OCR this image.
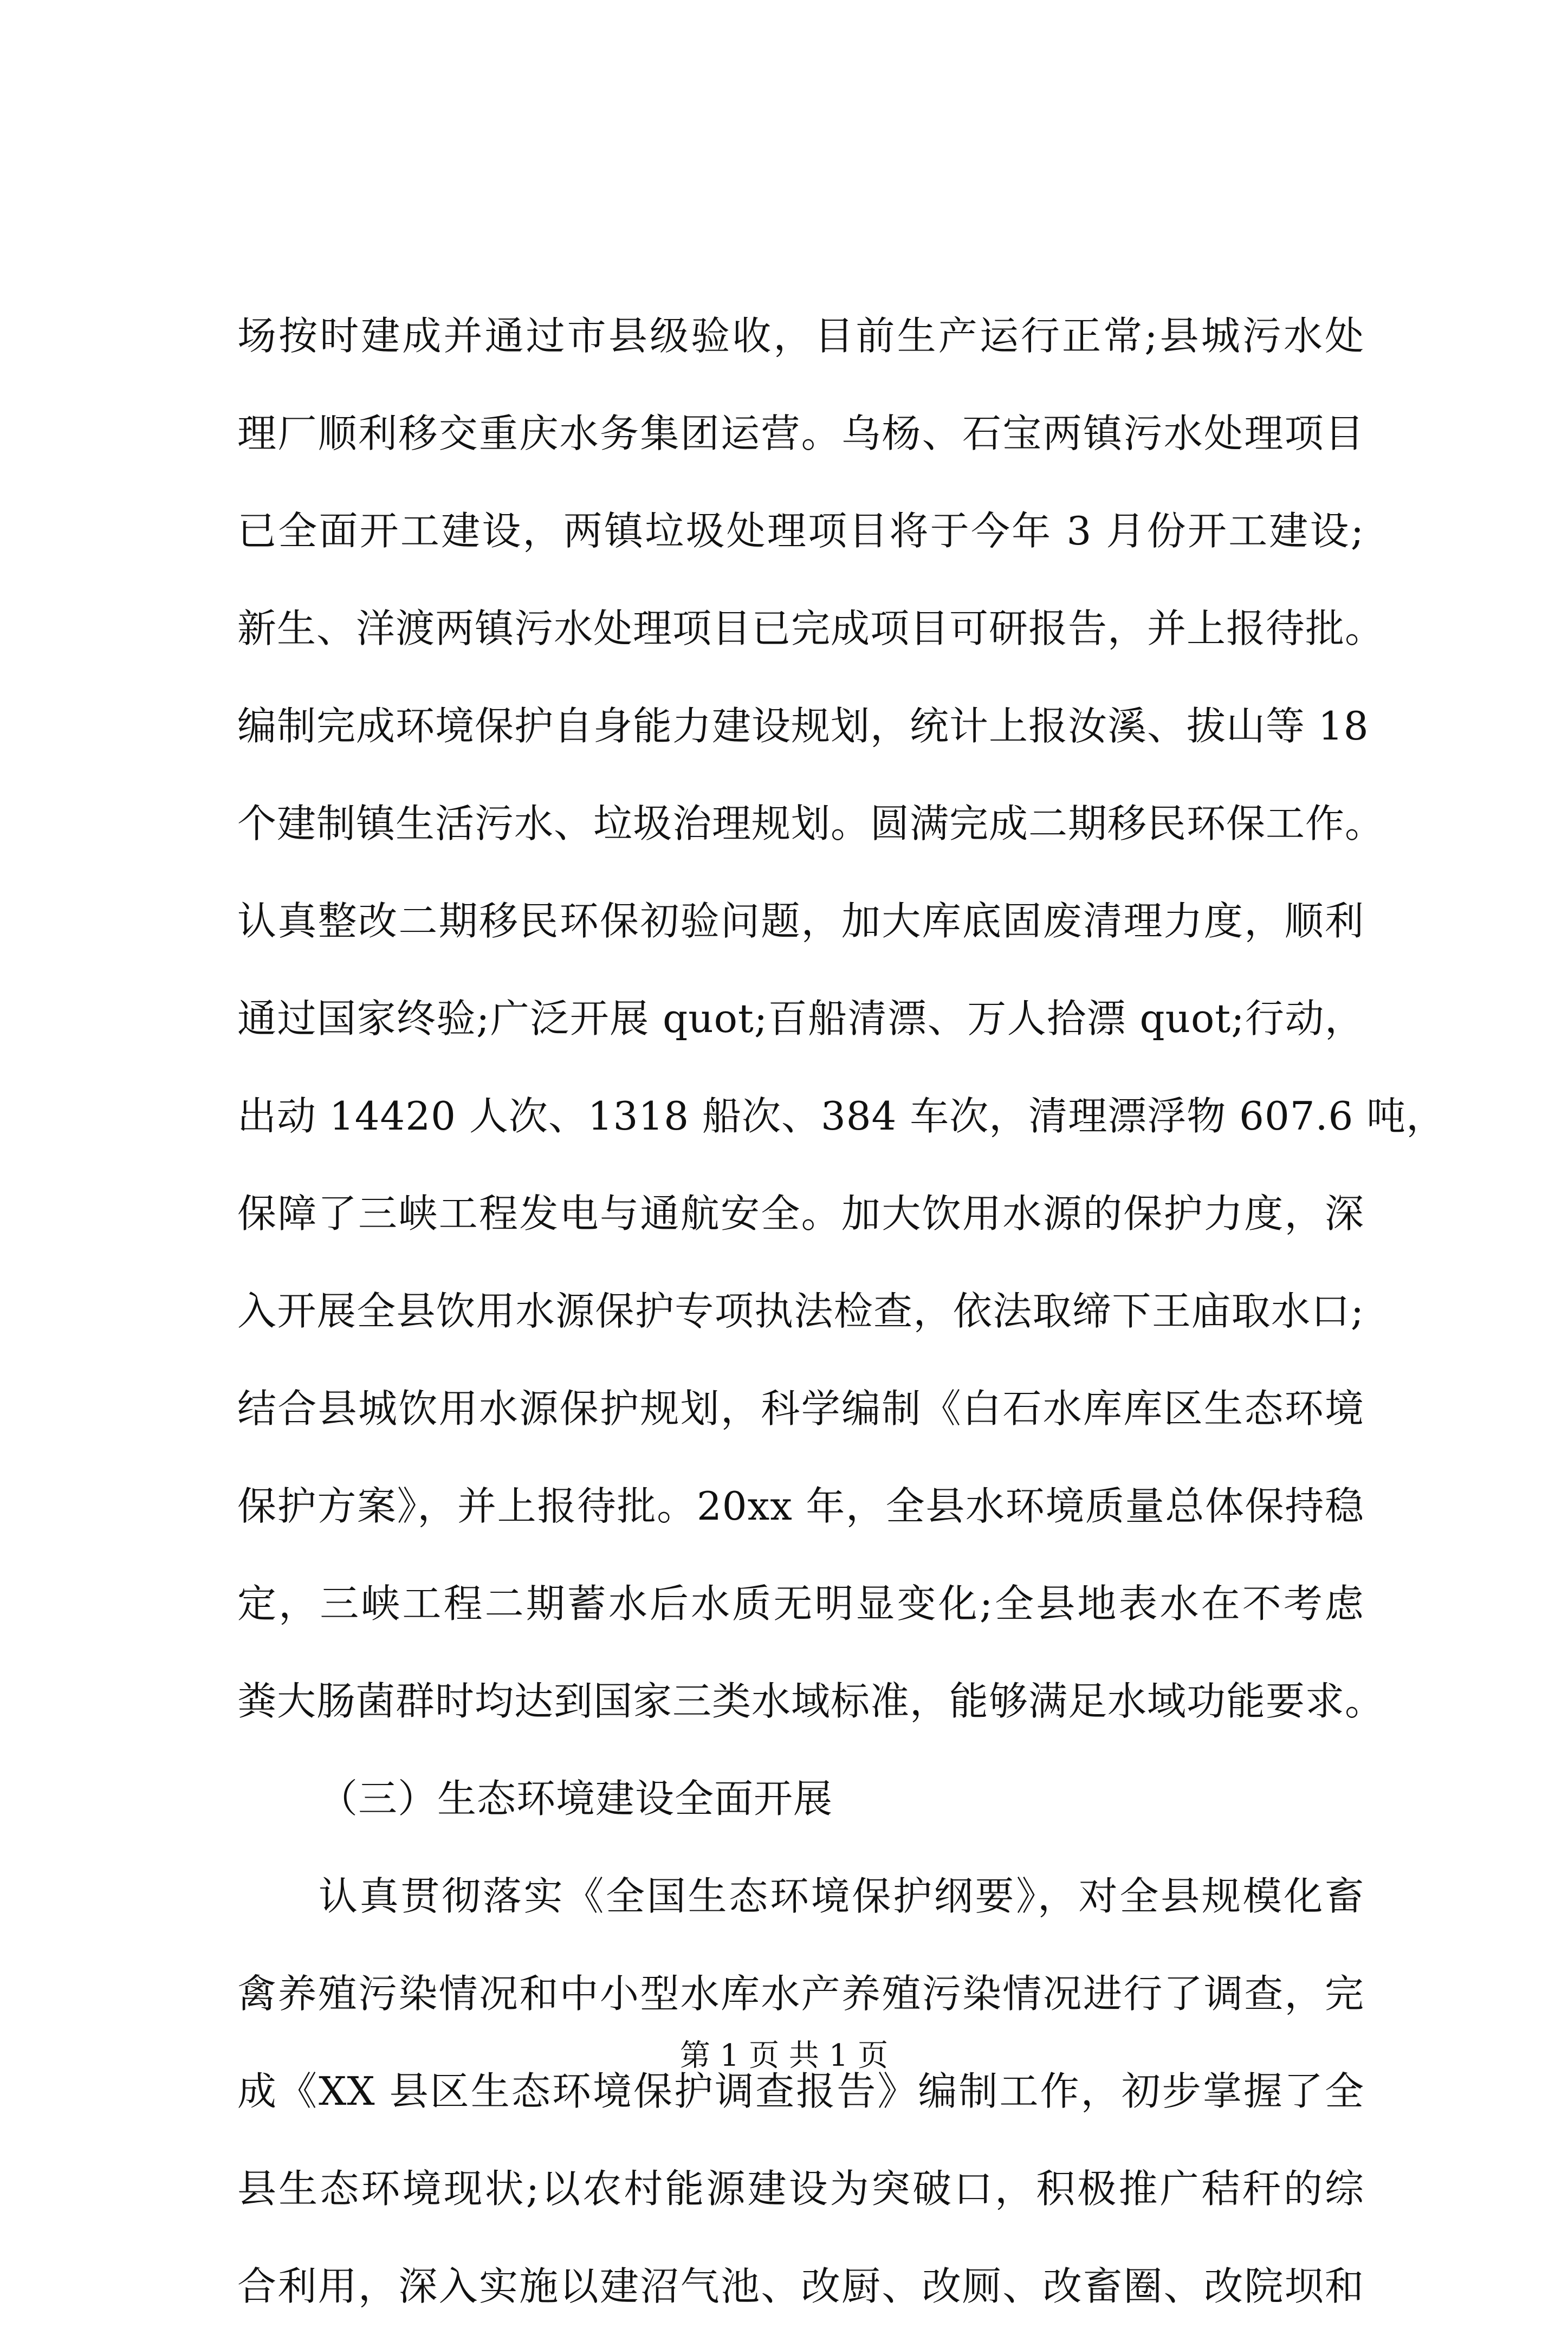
场按时建成并通过市县级验收，目前生产运行正常;县城污水处
理厂顺利移交重庆水务集团运营。乌杨、石宝两镇污水处理项目
已全面开工建设，两镇垃圾处理项目将于今年 3 月份开工建设;
新生、洋渡两镇污水处理项目已完成项目可研报告，并上报待批。
编制完成环境保护自身能力建设规划，统计上报汝溪、拔山等 18
个建制镇生活污水、垃圾治理规划。圆满完成二期移民环保工作。
认真整改二期移民环保初验问题，加大库底固废清理力度，顺利
通过国家终验;广泛开展 quot;百船清漂、万人拾漂 quot;行动，
出动 14420 人次、1318 船次、384 车次，清理漂浮物 607.6 吨，
保障了三峡工程发电与通航安全。加大饮用水源的保护力度，深
入开展全县饮用水源保护专项执法检查，依法取缔下王庙取水口;
结合县城饮用水源保护规划，科学编制《白石水库库区生态环境
保护方案》，并上报待批。20xx 年，全县水环境质量总体保持稳
定，三峡工程二期蓄水后水质无明显变化;全县地表水在不考虑
粪大肠菌群时均达到国家三类水域标准，能够满足水域功能要求。
（三）生态环境建设全面开展
认真贯彻落实《全国生态环境保护纲要》，对全县规模化畜
禽养殖污染情况和中小型水库水产养殖污染情况进行了调查，完
成《XX 县区生态环境保护调查报告》编制工作，初步掌握了全
县生态环境现状;以农村能源建设为突破口，积极推广秸秆的综
合利用，深入实施以建沼气池、改厨、改厕、改畜圈、改院坝和
第 1 页 共 1 页
